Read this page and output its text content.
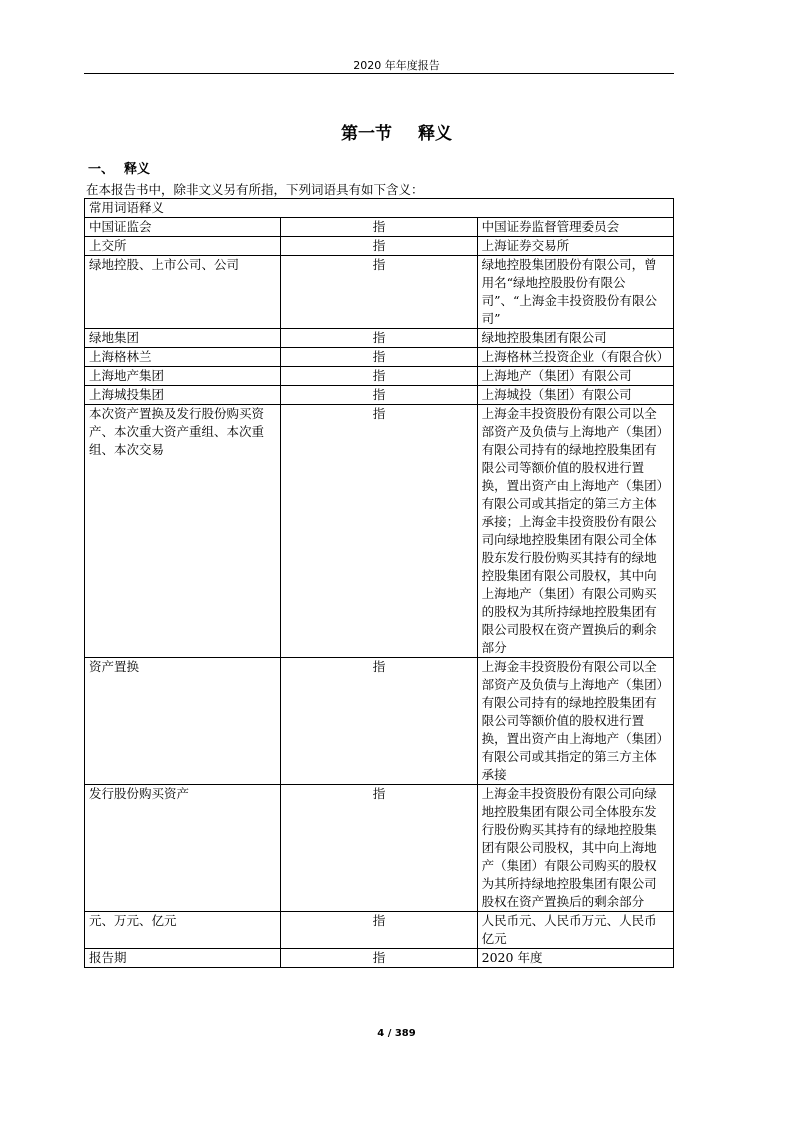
2020 年年度报告
第一节 释义
一、 释义
在本报告书中，除非文义另有所指，下列词语具有如下含义：
常用词语释义		
中国证监会	指	中国证券监督管理委员会
上交所	指	上海证券交易所
绿地控股、上市公司、公司	指	绿地控股集团股份有限公司，曾用名“绿地控股股份有限公司”、“上海金丰投资股份有限公司”
绿地集团	指	绿地控股集团有限公司
上海格林兰	指	上海格林兰投资企业（有限合伙）
上海地产集团	指	上海地产（集团）有限公司
上海城投集团	指	上海城投（集团）有限公司
本次资产置换及发行股份购买资产、本次重大资产重组、本次重组、本次交易	指	上海金丰投资股份有限公司以全部资产及负债与上海地产（集团）有限公司持有的绿地控股集团有限公司等额价值的股权进行置换，置出资产由上海地产（集团）有限公司或其指定的第三方主体承接；上海金丰投资股份有限公司向绿地控股集团有限公司全体股东发行股份购买其持有的绿地控股集团有限公司股权，其中向上海地产（集团）有限公司购买的股权为其所持绿地控股集团有限公司股权在资产置换后的剩余部分
资产置换	指	上海金丰投资股份有限公司以全部资产及负债与上海地产（集团）有限公司持有的绿地控股集团有限公司等额价值的股权进行置换，置出资产由上海地产（集团）有限公司或其指定的第三方主体承接
发行股份购买资产	指	上海金丰投资股份有限公司向绿地控股集团有限公司全体股东发行股份购买其持有的绿地控股集团有限公司股权，其中向上海地产（集团）有限公司购买的股权为其所持绿地控股集团有限公司股权在资产置换后的剩余部分
元、万元、亿元	指	人民币元、人民币万元、人民币亿元
报告期	指	2020 年度
4 / 389
